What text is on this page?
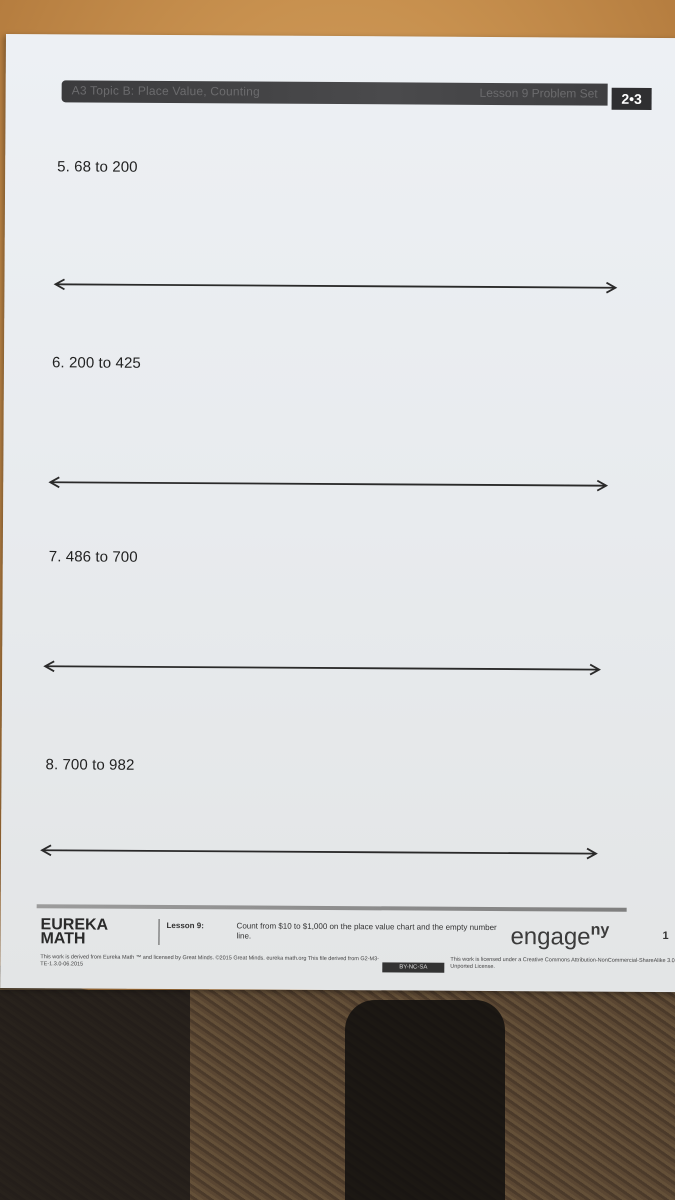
A3 Topic B: Place Value, Counting	Lesson 9 Problem Set	2•3
5. 68 to 200
6. 200 to 425
7. 486 to 700
8. 700 to 982
EUREKA MATH
Lesson 9:	Count from $10 to $1,000 on the place value chart and the empty number line.	engage$^{ny}$	1
This work is derived from Eureka Math ™ and licensed by Great Minds. ©2015 Great Minds. eureka math.org This file derived from G2-M3-TE-1.3.0-06.2015
BY-NC-SA
This work is licensed under a Creative Commons Attribution-NonCommercial-ShareAlike 3.0 Unported License.
